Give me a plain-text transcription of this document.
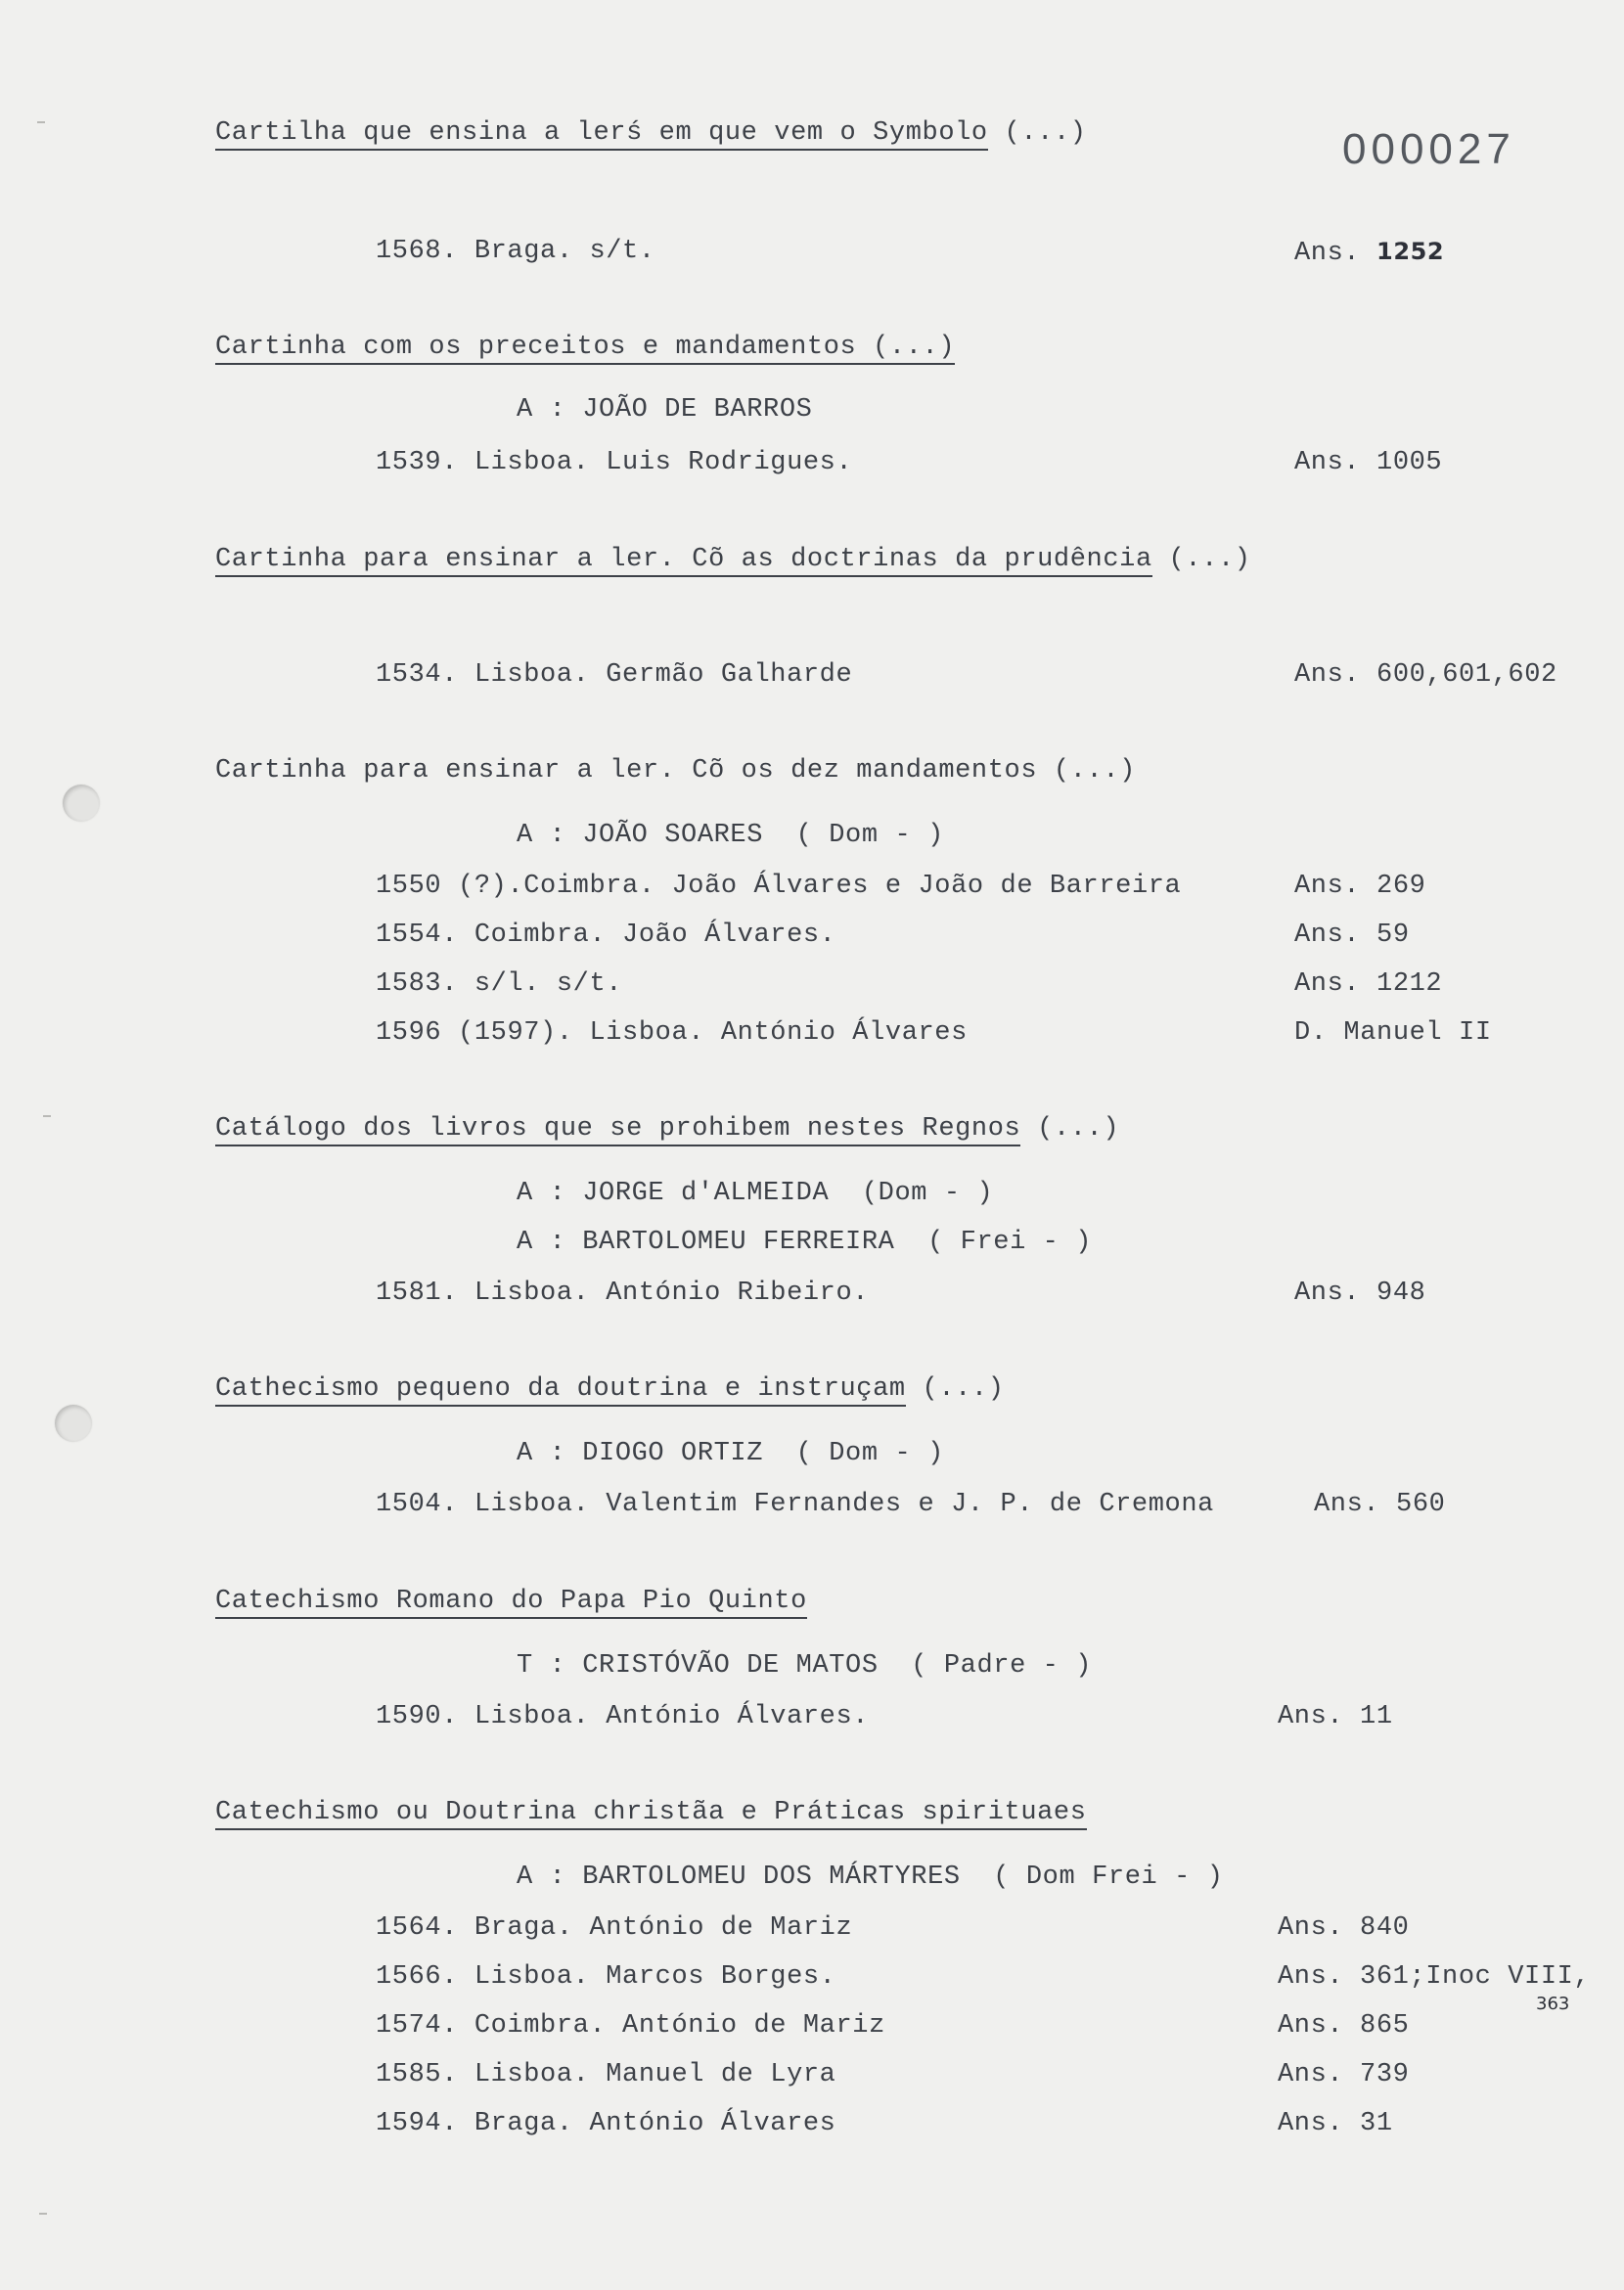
000027
Cartilha que ensina a lerś em que vem o Symbolo (...)
1568. Braga. s/t.	Ans. 1252
Cartinha com os preceitos e mandamentos (...)
A : JOÃO DE BARROS
1539. Lisboa. Luis Rodrigues.	Ans. 1005
Cartinha para ensinar a ler. Cõ as doctrinas da prudência (...)
1534. Lisboa. Germão Galharde	Ans. 600,601,602
Cartinha para ensinar a ler. Cõ os dez mandamentos (...)
A : JOÃO SOARES  ( Dom - )
1550 (?).Coimbra. João Álvares e João de Barreira	Ans. 269
1554. Coimbra. João Álvares.	Ans. 59
1583. s/l. s/t.	Ans. 1212
1596 (1597). Lisboa. António Álvares	D. Manuel II
Catálogo dos livros que se prohibem nestes Regnos (...)
A : JORGE d'ALMEIDA  (Dom - )
A : BARTOLOMEU FERREIRA  ( Frei - )
1581. Lisboa. António Ribeiro.	Ans. 948
Cathecismo pequeno da doutrina e instruçam (...)
A : DIOGO ORTIZ  ( Dom - )
1504. Lisboa. Valentim Fernandes e J. P. de Cremona	Ans. 560
Catechismo Romano do Papa Pio Quinto
T : CRISTÓVÃO DE MATOS  ( Padre - )
1590. Lisboa. António Álvares.	Ans. 11
Catechismo ou Doutrina christãa e Práticas spirituaes
A : BARTOLOMEU DOS MÁRTYRES  ( Dom Frei - )
1564. Braga. António de Mariz	Ans. 840
1566. Lisboa. Marcos Borges.	Ans. 361;Inoc VIII,
363
1574. Coimbra. António de Mariz	Ans. 865
1585. Lisboa. Manuel de Lyra	Ans. 739
1594. Braga. António Álvares	Ans. 31
